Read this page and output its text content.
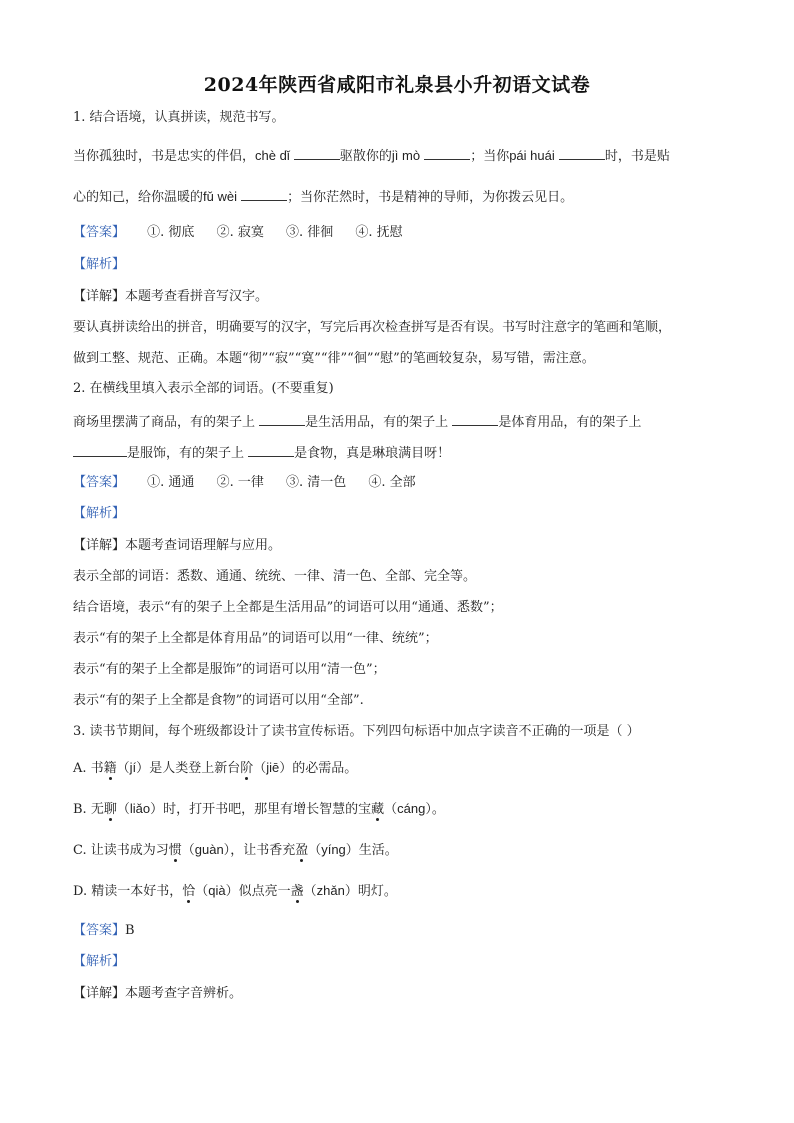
2024年陕西省咸阳市礼泉县小升初语文试卷
1. 结合语境，认真拼读，规范书写。
当你孤独时，书是忠实的伴侣，chè dǐ	驱散你的jì mò	；当你pái huái	时，书是贴
心的知己，给你温暖的fǔ wèi	；当你茫然时，书是精神的导师，为你拨云见日。
【答案】 ①. 彻底 ②. 寂寞 ③. 徘徊 ④. 抚慰
【解析】
【详解】本题考查看拼音写汉字。
要认真拼读给出的拼音，明确要写的汉字，写完后再次检查拼写是否有误。书写时注意字的笔画和笔顺，
做到工整、规范、正确。本题“彻”“寂”“寞”“徘”“徊”“慰”的笔画较复杂，易写错，需注意。
2. 在横线里填入表示全部的词语。(不要重复)
商场里摆满了商品，有的架子上	是生活用品，有的架子上	是体育用品，有的架子上
是服饰，有的架子上	是食物，真是琳琅满目呀！
【答案】 ①. 通通 ②. 一律 ③. 清一色 ④. 全部
【解析】
【详解】本题考查词语理解与应用。
表示全部的词语：悉数、通通、统统、一律、清一色、全部、完全等。
结合语境，表示“有的架子上全都是生活用品”的词语可以用“通通、悉数”；
表示“有的架子上全都是体育用品”的词语可以用“一律、统统”；
表示“有的架子上全都是服饰”的词语可以用“清一色”；
表示“有的架子上全都是食物”的词语可以用“全部”.
3. 读书节期间，每个班级都设计了读书宣传标语。下列四句标语中加点字读音不正确的一项是（ ）
A. 书籍（jí）是人类登上新台阶（jiē）的必需品。
B. 无聊（liǎo）时，打开书吧，那里有增长智慧的宝藏（cáng）。
C. 让读书成为习惯（guàn），让书香充盈（yíng）生活。
D. 精读一本好书，恰（qià）似点亮一盏（zhǎn）明灯。
【答案】B
【解析】
【详解】本题考查字音辨析。
